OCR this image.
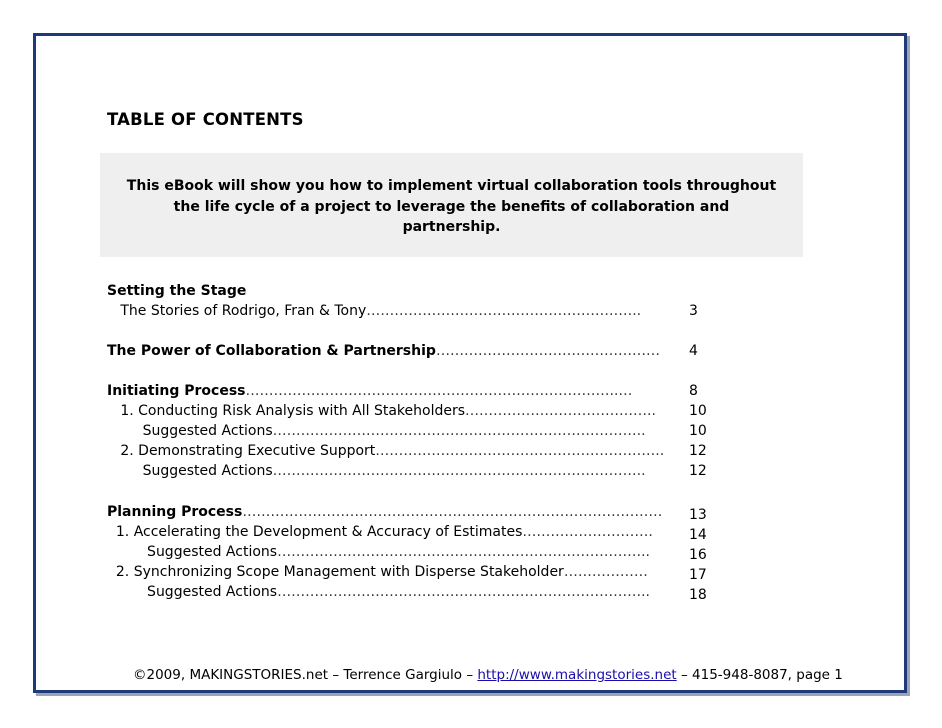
TABLE OF CONTENTS
This eBook will show you how to implement virtual collaboration tools throughout
the life cycle of a project to leverage the benefits of collaboration and
partnership.
Setting the Stage
The Stories of Rodrigo, Fran & Tony…………………………………………………..	3
The Power of Collaboration & Partnership………………………………………… 4
Initiating Process……………………………………………………………………..…	8
1. Conducting Risk Analysis with All Stakeholders………………………………….. 10
Suggested Actions……………………………………………………………………..	10
2. Demonstrating Executive Support…………………………………………………….. 12
Suggested Actions……………………………………………………………………..	12
Planning Process……………………………………………………………………………… 13
1. Accelerating the Development & Accuracy of Estimates……………………….	14
Suggested Actions……………………………………………………………………..	16
2. Synchronizing Scope Management with Disperse Stakeholder………………	17
Suggested Actions……………………………………………………………………..	18
©2009, MAKINGSTORIES.net – Terrence Gargiulo – http://www.makingstories.net – 415-948-8087, page 1
